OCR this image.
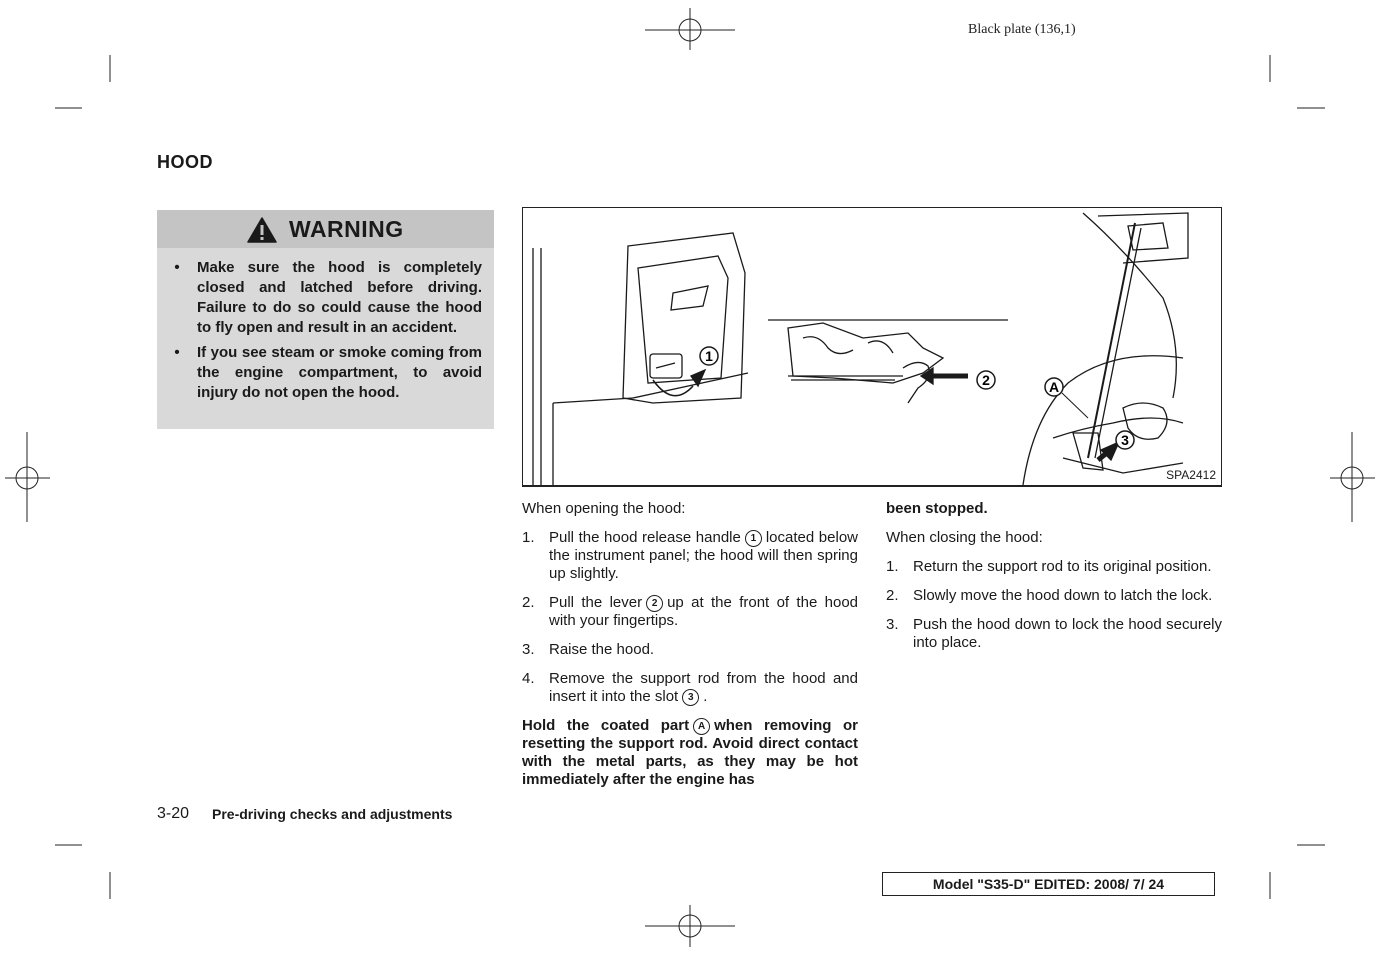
Black plate (136,1)
HOOD
WARNING
•	Make sure the hood is completely closed and latched before driving. Failure to do so could cause the hood to fly open and result in an accident.
•	If you see steam or smoke coming from the engine compartment, to avoid injury do not open the hood.
1
2
3
A
SPA2412

When opening the hood:

1. Pull the hood release handle 1 located below the instrument panel; the hood will then spring up slightly.
2. Pull the lever 2 up at the front of the hood with your fingertips.
3. Raise the hood.
4. Remove the support rod from the hood and insert it into the slot 3 .

Hold the coated part A when removing or resetting the support rod. Avoid direct contact with the metal parts, as they may be hot immediately after the engine has

been stopped.

When closing the hood:

1. Return the support rod to its original position.
2. Slowly move the hood down to latch the lock.
3. Push the hood down to lock the hood securely into place.
3-20 Pre-driving checks and adjustments
Model "S35-D" EDITED: 2008/ 7/ 24
